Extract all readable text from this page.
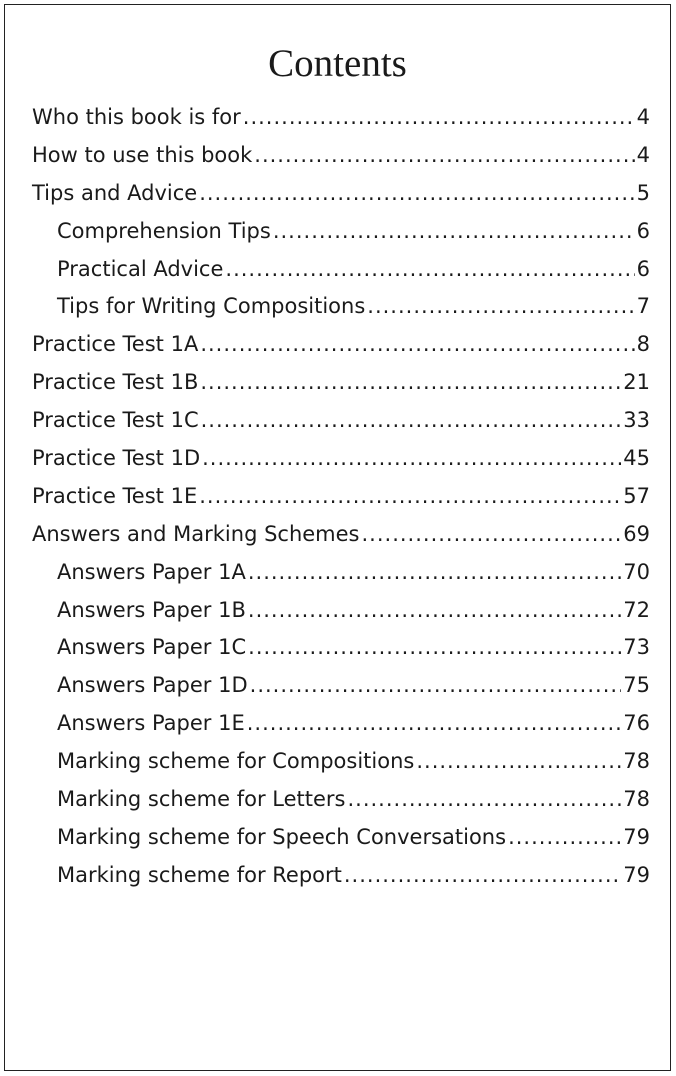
Contents
Who this book is for .....	4
How to use this book .....	4
Tips and Advice .....	5
Comprehension Tips .....	6
Practical Advice .....	6
Tips for Writing Compositions .....	7
Practice Test 1A .....	8
Practice Test 1B .....	21
Practice Test 1C .....	33
Practice Test 1D .....	45
Practice Test 1E .....	57
Answers and Marking Schemes .....	69
Answers Paper 1A .....	70
Answers Paper 1B .....	72
Answers Paper 1C .....	73
Answers Paper 1D .....	75
Answers Paper 1E .....	76
Marking scheme for Compositions .....	78
Marking scheme for Letters .....	78
Marking scheme for Speech Conversations .....	79
Marking scheme for Report .....	79
